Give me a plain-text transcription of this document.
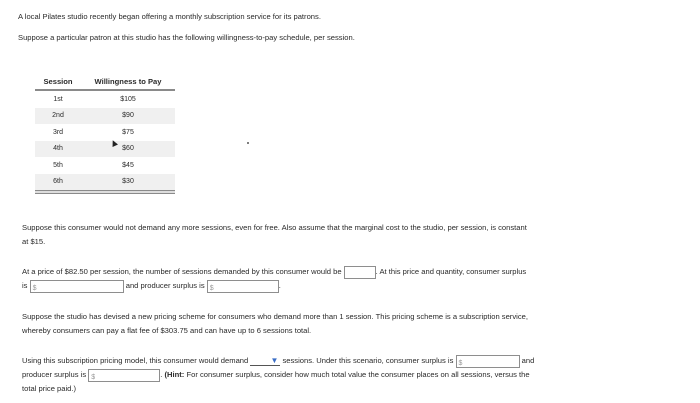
A local Pilates studio recently began offering a monthly subscription service for its patrons.
Suppose a particular patron at this studio has the following willingness-to-pay schedule, per session.
Session	Willingness to Pay
1st	$105
2nd	$90
3rd	$75
4th	$60
5th	$45
6th	$30

Suppose this consumer would not demand any more sessions, even for free. Also assume that the marginal cost to the studio, per session, is constant
at $15.
At a price of $82.50 per session, the number of sessions demanded by this consumer would be	. At this price and quantity, consumer surplus
is $	and producer surplus is $	.
Suppose the studio has devised a new pricing scheme for consumers who demand more than 1 session. This pricing scheme is a subscription service,
whereby consumers can pay a flat fee of $303.75 and can have up to 6 sessions total.
Using this subscription pricing model, this consumer would demand	▼ sessions. Under this scenario, consumer surplus is $	and
producer surplus is $	. (Hint: For consumer surplus, consider how much total value the consumer places on all sessions, versus the
total price paid.)
